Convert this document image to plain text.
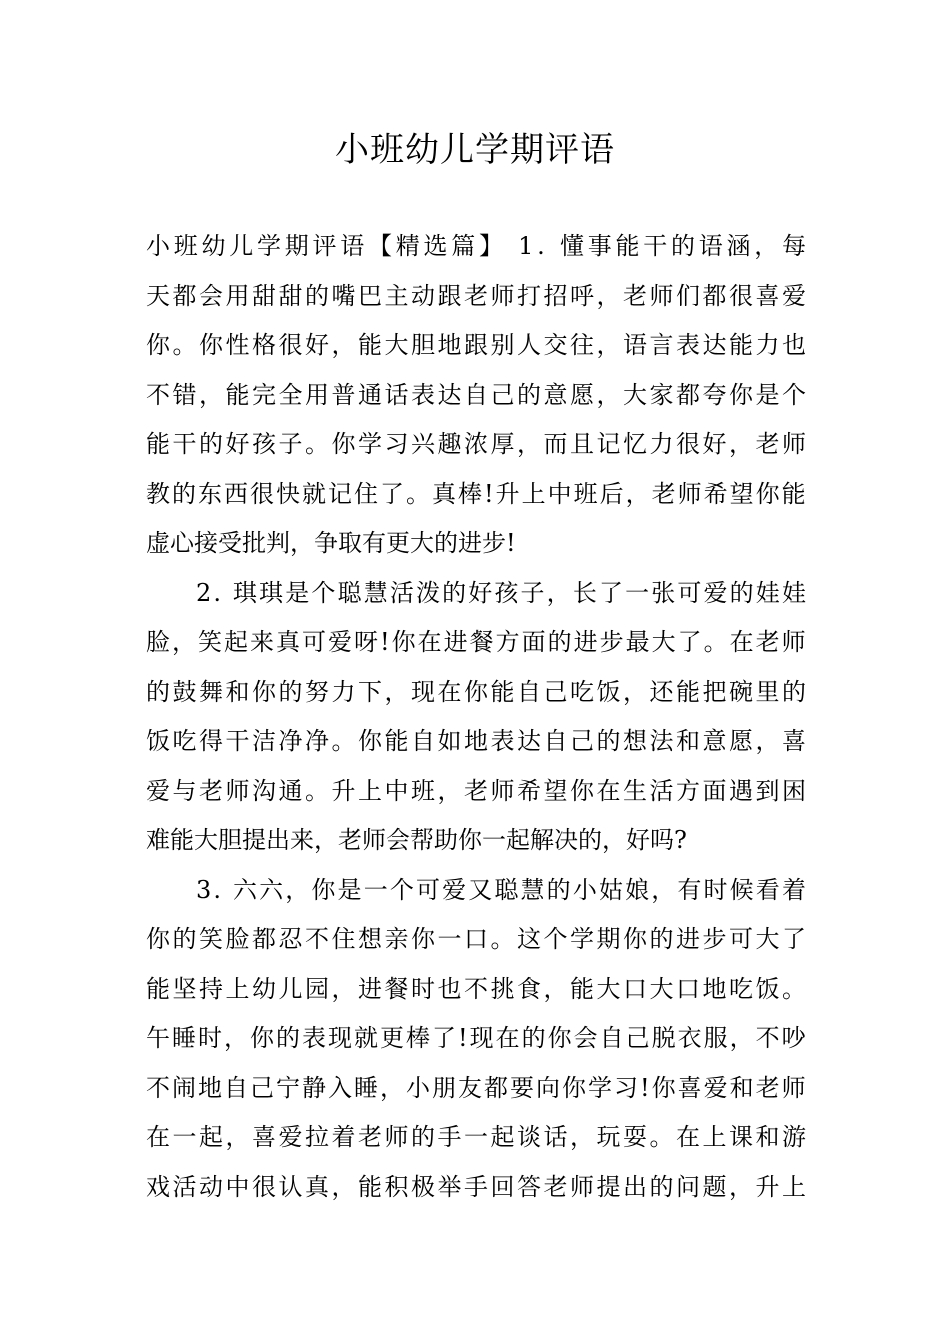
小班幼儿学期评语
小 班 幼 儿 学 期 评 语 【 精 选 篇 】
1 .
懂 事 能 干 的 语 涵 ， 每
天 都 会 用 甜 甜 的 嘴 巴 主 动 跟 老 师 打 招 呼 ， 老 师 们 都 很 喜 爱
你 。 你 性 格 很 好 ， 能 大 胆 地 跟 别 人 交 往 ， 语 言 表 达 能 力 也
不 错 ， 能 完 全 用 普 通 话 表 达 自 己 的 意 愿 ， 大 家 都 夸 你 是 个
能 干 的 好 孩 子 。 你 学 习 兴 趣 浓 厚 ， 而 且 记 忆 力 很 好 ， 老 师
教 的 东 西 很 快 就 记 住 了 。 真 棒 ! 升 上 中 班 后 ， 老 师 希 望 你 能
虚心接受批判，争取有更大的进步!
2 .
琪 琪 是 个 聪 慧 活 泼 的 好 孩 子 ， 长 了 一 张 可 爱 的 娃 娃
脸 ， 笑 起 来 真 可 爱 呀 ! 你 在 进 餐 方 面 的 进 步 最 大 了 。 在 老 师
的 鼓 舞 和 你 的 努 力 下 ， 现 在 你 能 自 己 吃 饭 ， 还 能 把 碗 里 的
饭 吃 得 干 洁 净 净 。 你 能 自 如 地 表 达 自 己 的 想 法 和 意 愿 ， 喜
爱 与 老 师 沟 通 。 升 上 中 班 ， 老 师 希 望 你 在 生 活 方 面 遇 到 困
难能大胆提出来，老师会帮助你一起解决的，好吗?
3 .
六 六 ， 你 是 一 个 可 爱 又 聪 慧 的 小 姑 娘 ， 有 时 候 看 着
你 的 笑 脸 都 忍 不 住 想 亲 你 一 口 。 这 个 学 期 你 的 进 步 可 大 了
能 坚 持 上 幼 儿 园 ， 进 餐 时 也 不 挑 食 ， 能 大 口 大 口 地 吃 饭 。
午 睡 时 ， 你 的 表 现 就 更 棒 了 ! 现 在 的 你 会 自 己 脱 衣 服 ， 不 吵
不 闹 地 自 己 宁 静 入 睡 ， 小 朋 友 都 要 向 你 学 习 ! 你 喜 爱 和 老 师
在 一 起 ， 喜 爱 拉 着 老 师 的 手 一 起 谈 话 ， 玩 耍 。 在 上 课 和 游
戏 活 动 中 很 认 真 ， 能 积 极 举 手 回 答 老 师 提 出 的 问 题 ， 升 上
